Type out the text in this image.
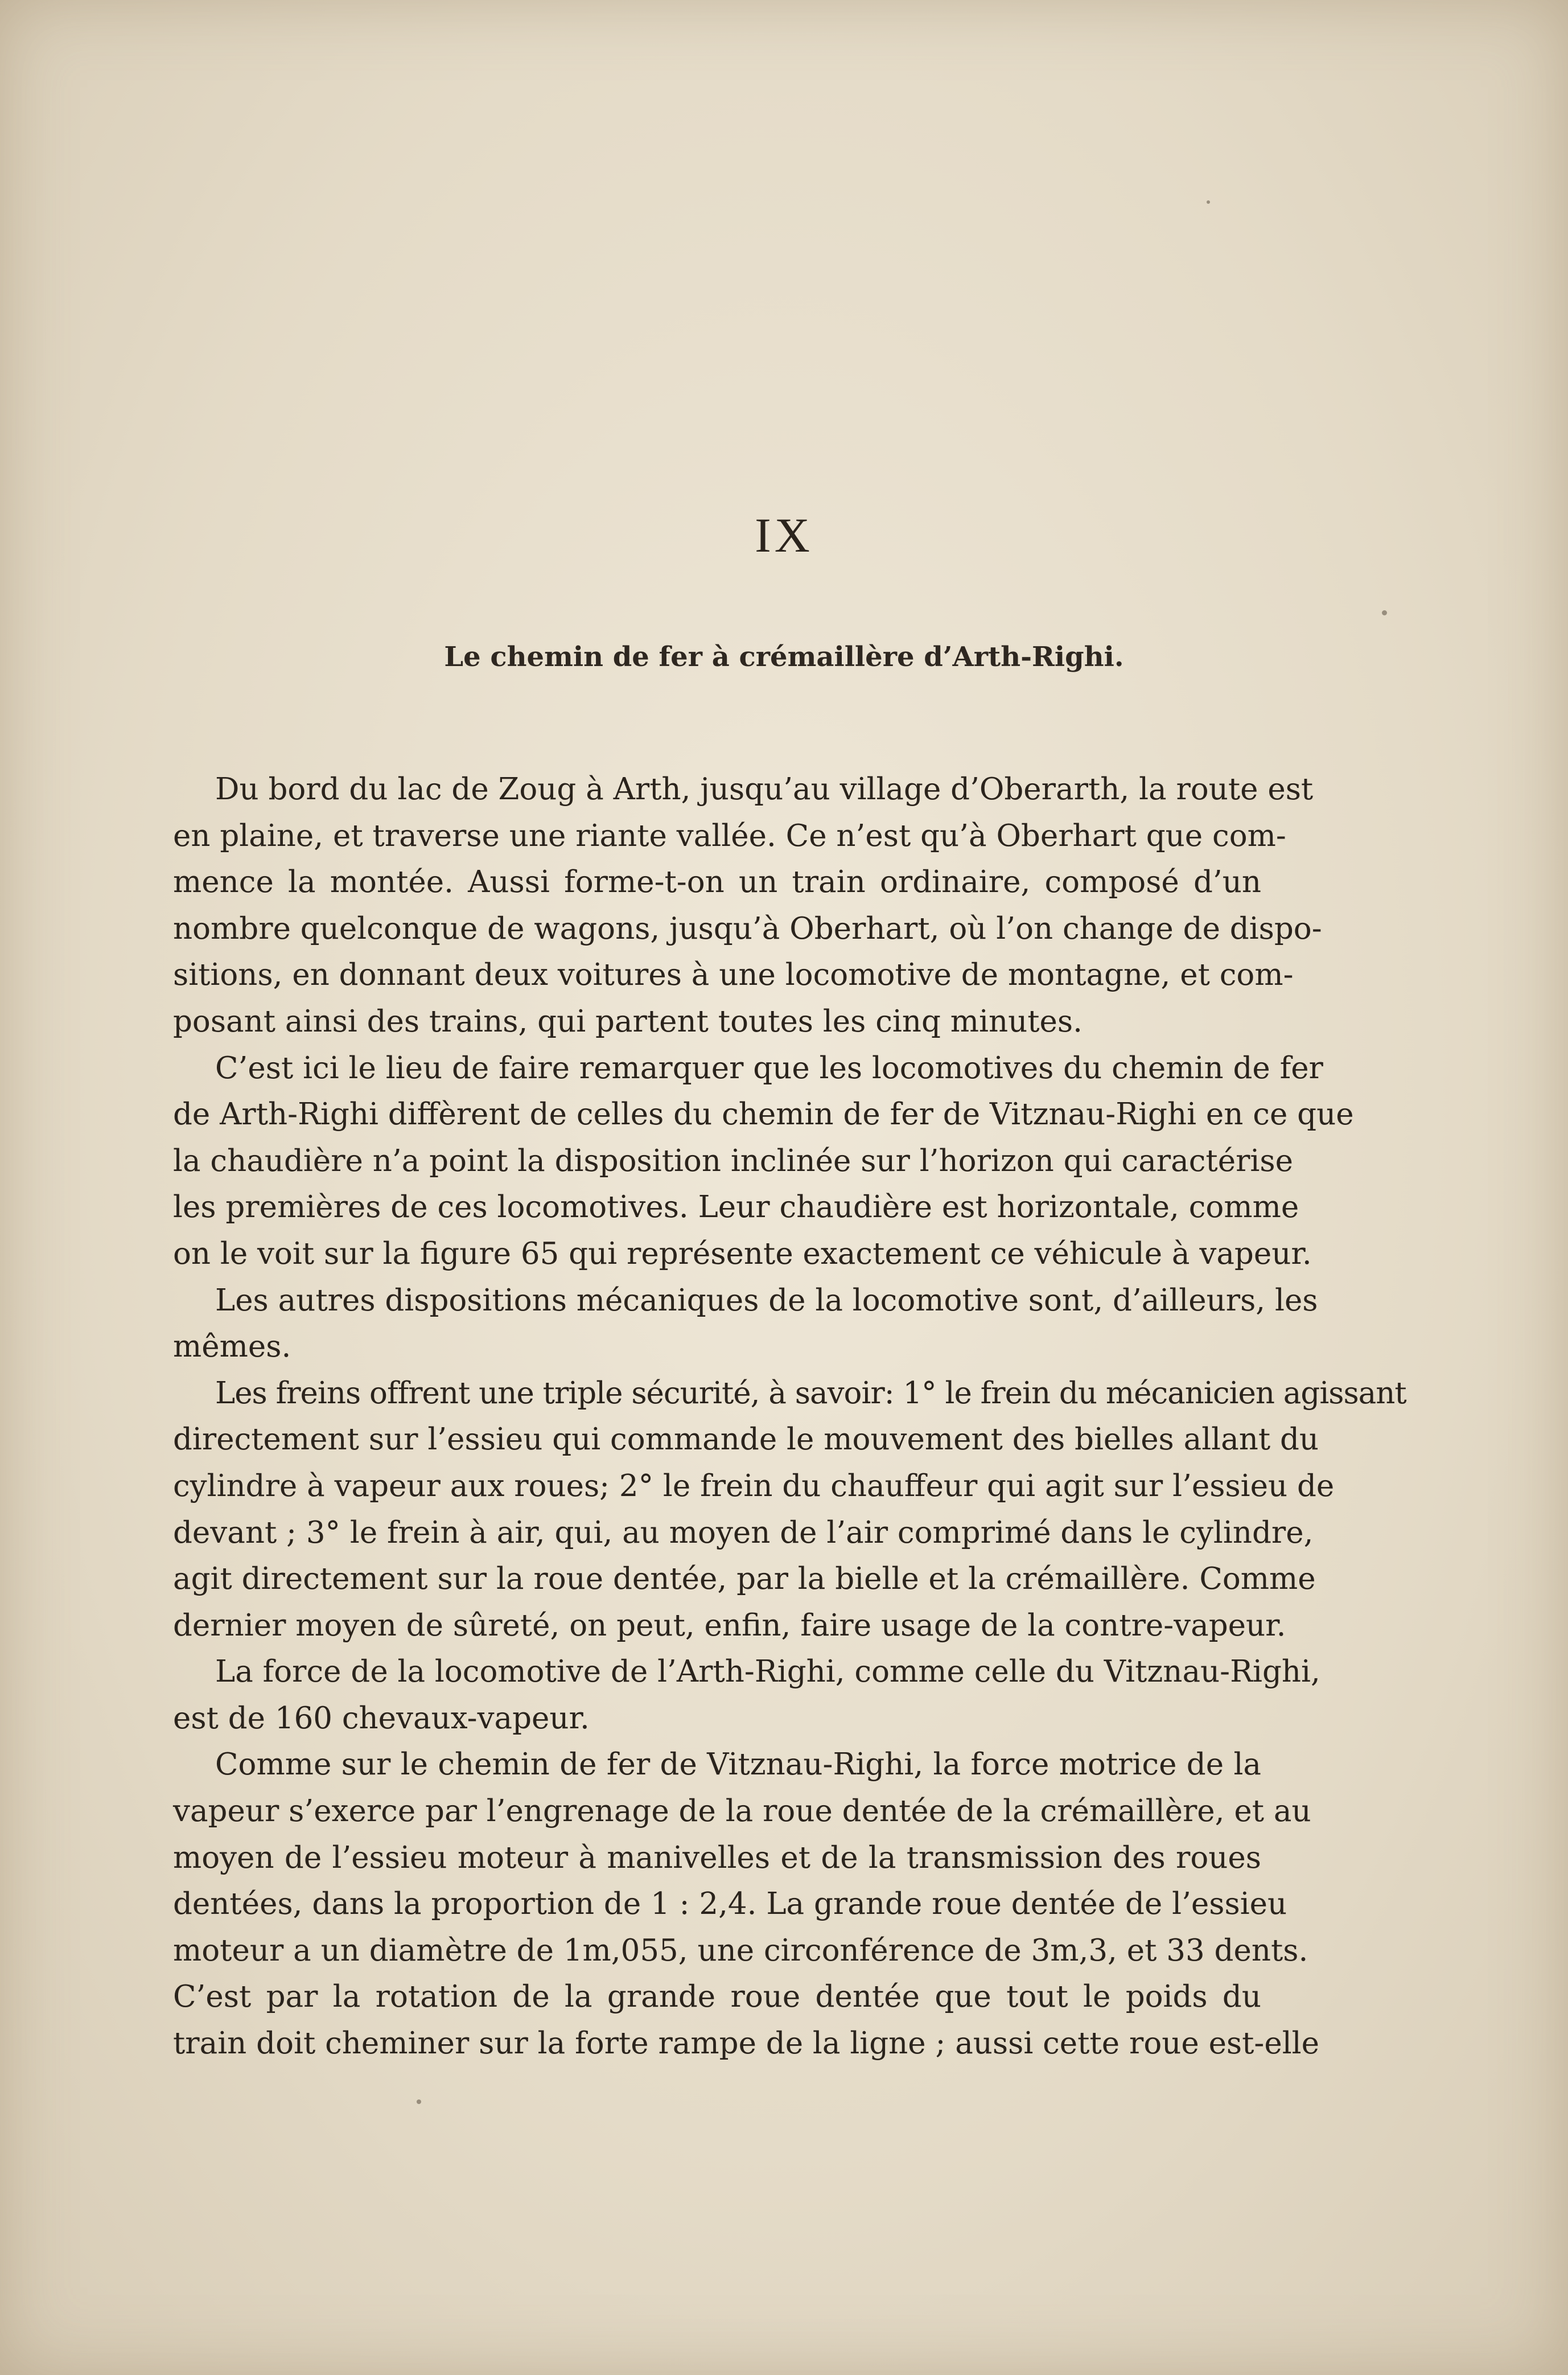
IX
Le chemin de fer à crémaillère d’Arth-Righi.

Du bord du lac de Zoug à Arth, jusqu’au village d’Oberarth, la route est
en plaine, et traverse une riante vallée. Ce n’est qu’à Oberhart que com-
mence la montée. Aussi forme-t-on un train ordinaire, composé d’un
nombre quelconque de wagons, jusqu’à Oberhart, où l’on change de dispo-
sitions, en donnant deux voitures à une locomotive de montagne, et com-
posant ainsi des trains, qui partent toutes les cinq minutes.

C’est ici le lieu de faire remarquer que les locomotives du chemin de fer
de Arth-Righi diffèrent de celles du chemin de fer de Vitznau-Righi en ce que
la chaudière n’a point la disposition inclinée sur l’horizon qui caractérise
les premières de ces locomotives. Leur chaudière est horizontale, comme
on le voit sur la figure 65 qui représente exactement ce véhicule à vapeur.

Les autres dispositions mécaniques de la locomotive sont, d’ailleurs, les
mêmes.

Les freins offrent une triple sécurité, à savoir: 1° le frein du mécanicien agissant
directement sur l’essieu qui commande le mouvement des bielles allant du
cylindre à vapeur aux roues; 2° le frein du chauffeur qui agit sur l’essieu de
devant ; 3° le frein à air, qui, au moyen de l’air comprimé dans le cylindre,
agit directement sur la roue dentée, par la bielle et la crémaillère. Comme
dernier moyen de sûreté, on peut, enfin, faire usage de la contre-vapeur.

La force de la locomotive de l’Arth-Righi, comme celle du Vitznau-Righi,
est de 160 chevaux-vapeur.

Comme sur le chemin de fer de Vitznau-Righi, la force motrice de la
vapeur s’exerce par l’engrenage de la roue dentée de la crémaillère, et au
moyen de l’essieu moteur à manivelles et de la transmission des roues
dentées, dans la proportion de 1 : 2,4. La grande roue dentée de l’essieu
moteur a un diamètre de 1m,055, une circonférence de 3m,3, et 33 dents.
C’est par la rotation de la grande roue dentée que tout le poids du
train doit cheminer sur la forte rampe de la ligne ; aussi cette roue est-elle
